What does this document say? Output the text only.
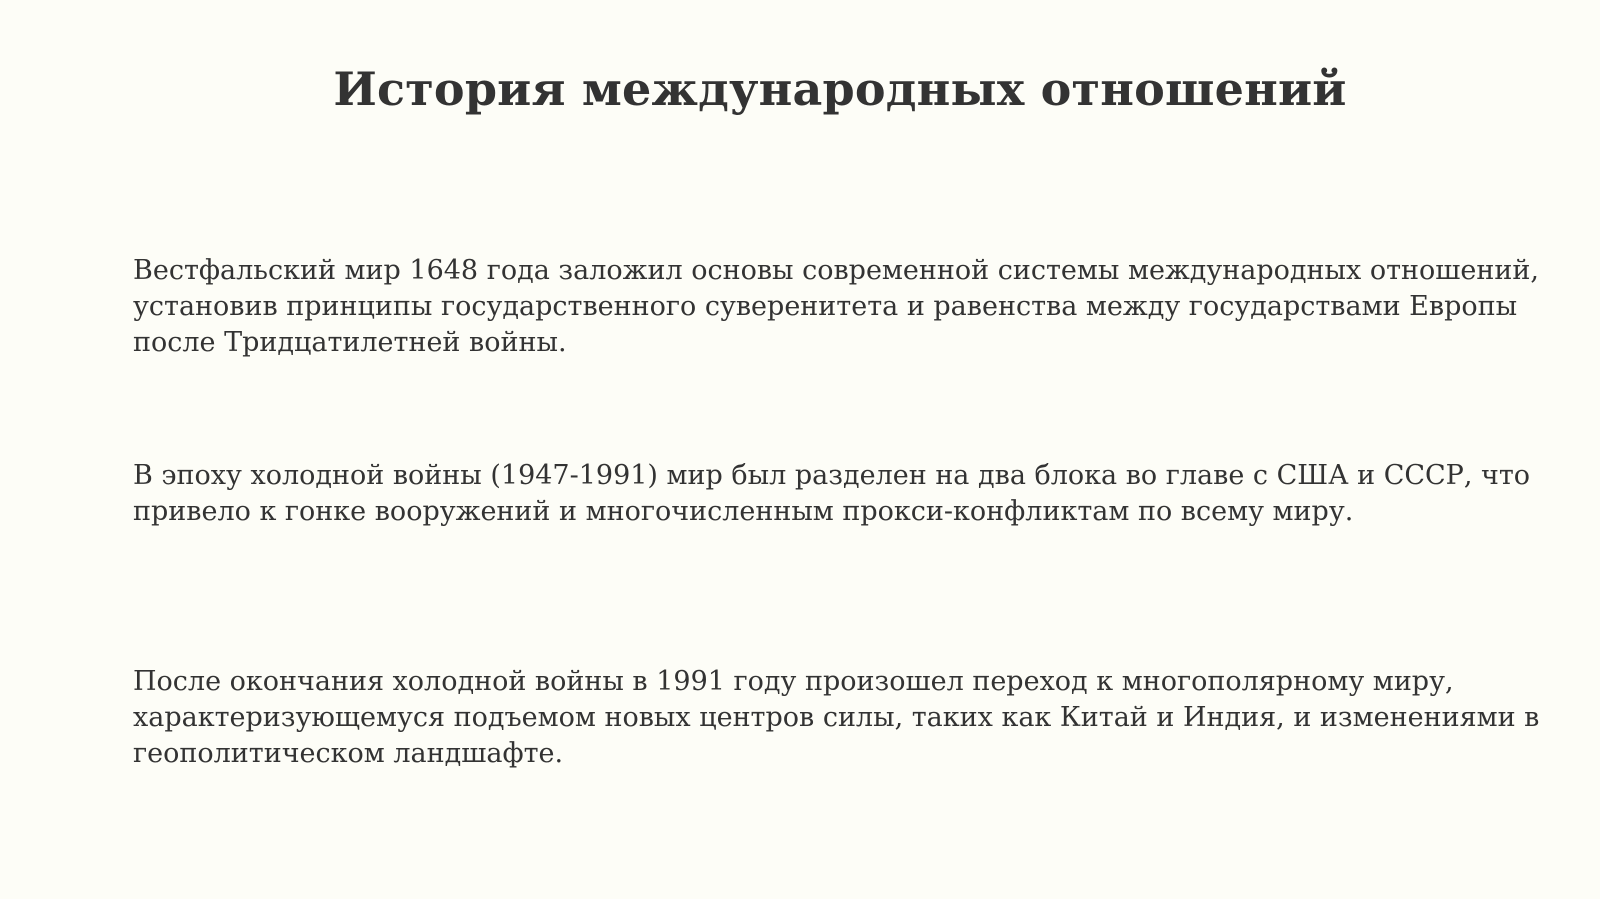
История международных отношений

Вестфальский мир 1648 года заложил основы современной системы международных отношений, установив принципы государственного суверенитета и равенства между государствами Европы после Тридцатилетней войны.

В эпоху холодной войны (1947-1991) мир был разделен на два блока во главе с США и СССР, что привело к гонке вооружений и многочисленным прокси-конфликтам по всему миру.

После окончания холодной войны в 1991 году произошел переход к многополярному миру, характеризующемуся подъемом новых центров силы, таких как Китай и Индия, и изменениями в геополитическом ландшафте.
